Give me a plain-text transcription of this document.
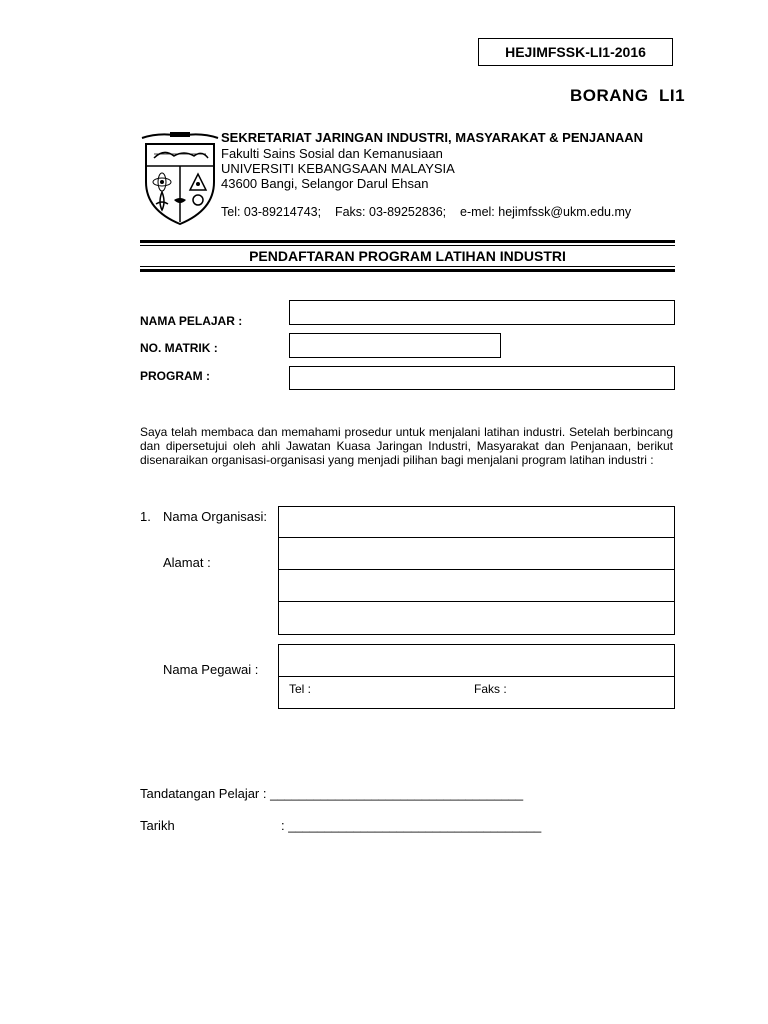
HEJIMFSSK-LI1-2016
BORANG  LI1
SEKRETARIAT JARINGAN INDUSTRI, MASYARAKAT & PENJANAAN
Fakulti Sains Sosial dan Kemanusiaan
UNIVERSITI KEBANGSAAN MALAYSIA
43600 Bangi, Selangor Darul Ehsan
Tel: 03-89214743;    Faks: 03-89252836;    e-mel: hejimfssk@ukm.edu.my
PENDAFTARAN PROGRAM LATIHAN INDUSTRI
NAMA PELAJAR :
NO. MATRIK :
PROGRAM :
Saya telah membaca dan memahami prosedur untuk menjalani latihan industri. Setelah berbincang dan dipersetujui oleh ahli Jawatan Kuasa Jaringan Industri, Masyarakat dan Penjanaan, berikut disenaraikan organisasi-organisasi yang menjadi pilihan bagi menjalani program latihan industri :
1. Nama Organisasi:
Alamat :
Nama Pegawai :
Tel :	Faks :
Tandatangan Pelajar : ___________________________________
Tarikh	: ___________________________________
